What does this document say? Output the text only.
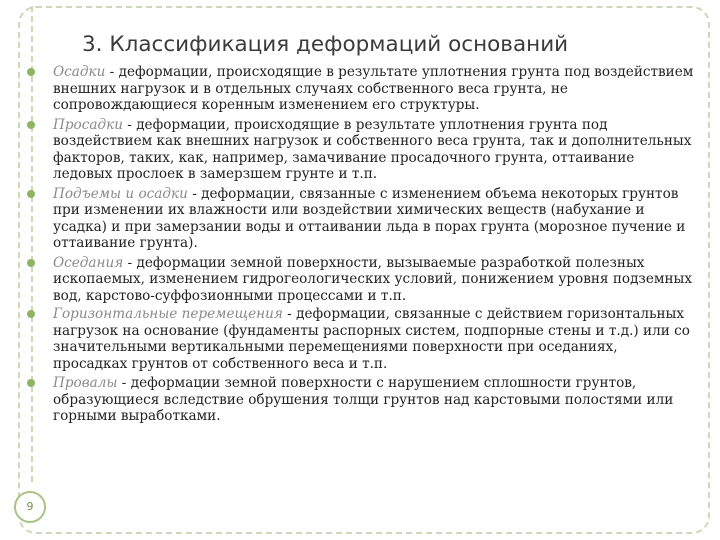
3. Классификация деформаций оснований
Осадки - деформации, происходящие в результате уплотнения грунта под воздействием внешних нагрузок и в отдельных случаях собственного веса грунта, не сопровождающиеся коренным изменением его структуры.
Просадки - деформации, происходящие в результате уплотнения грунта под воздействием как внешних нагрузок и собственного веса грунта, так и дополнительных факторов, таких, как, например, замачивание просадочного грунта, оттаивание ледовых прослоек в замерзшем грунте и т.п.
Подъемы и осадки - деформации, связанные с изменением объема некоторых грунтов при изменении их влажности или воздействии химических веществ (набухание и усадка) и при замерзании воды и оттаивании льда в порах грунта (морозное пучение и оттаивание грунта).
Оседания - деформации земной поверхности, вызываемые разработкой полезных ископаемых, изменением гидрогеологических условий, понижением уровня подземных вод, карстово-суффозионными процессами и т.п.
Горизонтальные перемещения - деформации, связанные с действием горизонтальных нагрузок на основание (фундаменты распорных систем, подпорные стены и т.д.) или со значительными вертикальными перемещениями поверхности при оседаниях, просадках грунтов от собственного веса и т.п.
Провалы - деформации земной поверхности с нарушением сплошности грунтов, образующиеся вследствие обрушения толщи грунтов над карстовыми полостями или горными выработками.
9
